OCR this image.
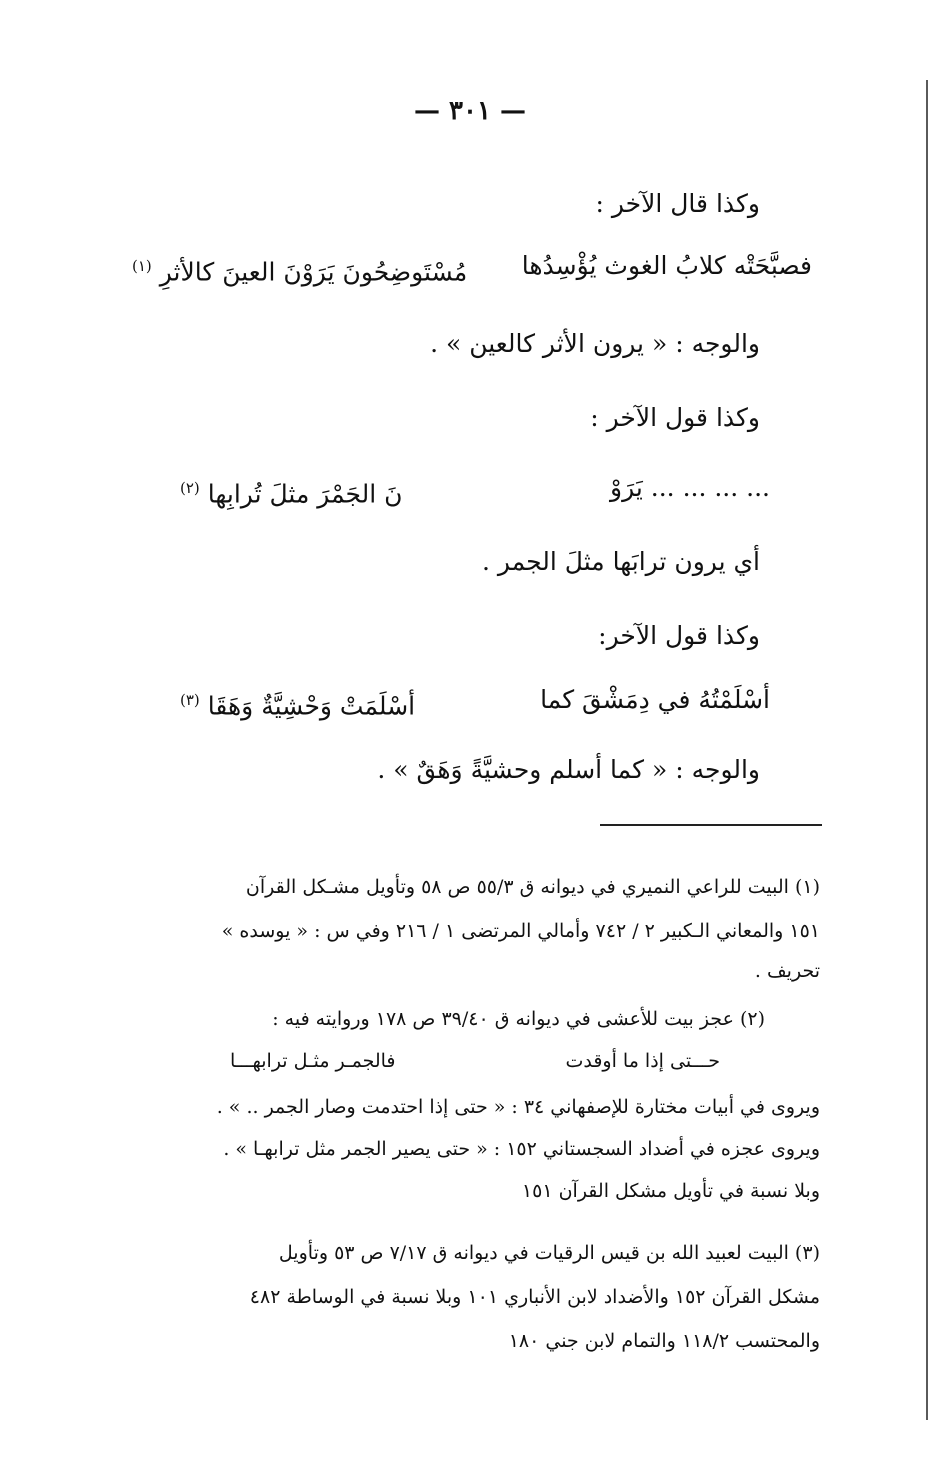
— ٣٠١ —
وكذا قال الآخر :
فصبَّحَتْه كلابُ الغوث يُؤْسِدُها
مُسْتَوضِحُونَ يَرَوْنَ العينَ كالأثرِ $^{(١)}$
والوجه : « يرون الأثر كالعين » .
وكذا قول الآخر :
... ... ... ... يَرَوْ
نَ الجَمْرَ مثلَ تُرابِها $^{(٢)}$
أي يرون ترابَها مثلَ الجمر .
وكذا قول الآخر:
أسْلَمْتُهُ في دِمَشْقَ كما
أسْلَمَتْ وَحْشِيَّةٌ وَهَقَا $^{(٣)}$
والوجه : « كما أسلم وحشيَّةً وَهَقٌ » .
(١) البيت للراعي النميري في ديوانه ق ٥٥/٣ ص ٥٨ وتأويل مشـكل القرآن
١٥١ والمعاني الـكبير ٢ / ٧٤٢ وأمالي المرتضى ١ / ٢١٦ وفي س : « يوسده »
تحريف .
(٢) عجز بيت للأعشى في ديوانه ق ٣٩/٤٠ ص ١٧٨ وروايته فيه :
حـــتى إذا ما أوقدت
فالجمـر مثـل ترابهـــا
ويروى في أبيات مختارة للإصفهاني ٣٤ : « حتى إذا احتدمت وصار الجمر .. » .
ويروى عجزه في أضداد السجستاني ١٥٢ : « حتى يصير الجمر مثل ترابهـا » .
وبلا نسبة في تأويل مشكل القرآن ١٥١
(٣) البيت لعبيد الله بن قيس الرقيات في ديوانه ق ٧/١٧ ص ٥٣ وتأويل
مشكل القرآن ١٥٢ والأضداد لابن الأنباري ١٠١ وبلا نسبة في الوساطة ٤٨٢
والمحتسب ١١٨/٢ والتمام لابن جني ١٨٠
